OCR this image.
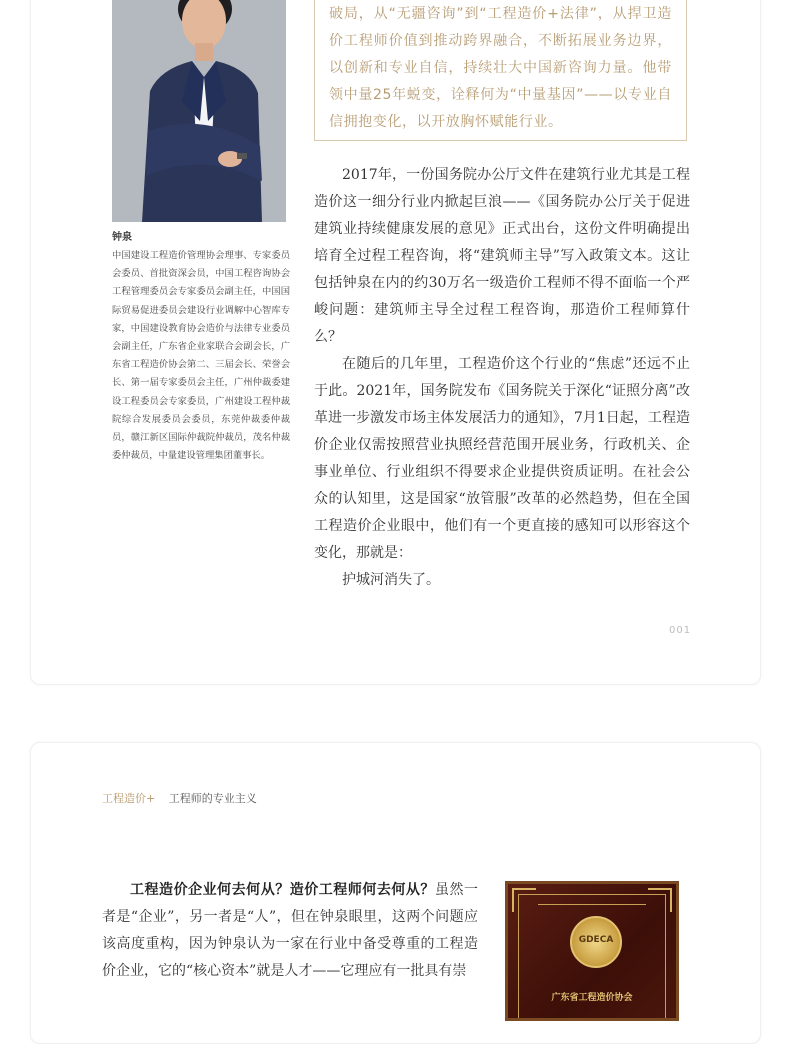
钟泉
中国建设工程造价管理协会理事、专家委员会委员、首批资深会员，中国工程咨询协会工程管理委员会专家委员会副主任，中国国际贸易促进委员会建设行业调解中心智库专家，中国建设教育协会造价与法律专业委员会副主任，广东省企业家联合会副会长，广东省工程造价协会第二、三届会长、荣誉会长、第一届专家委员会主任，广州仲裁委建设工程委员会专家委员，广州建设工程仲裁院综合发展委员会委员，东莞仲裁委仲裁员，赣江新区国际仲裁院仲裁员，茂名仲裁委仲裁员，中量建设管理集团董事长。
破局，从“无疆咨询”到“工程造价+法律”，从捍卫造价工程师价值到推动跨界融合，不断拓展业务边界，以创新和专业自信，持续壮大中国新咨询力量。他带领中量25年蜕变，诠释何为“中量基因”——以专业自信拥抱变化，以开放胸怀赋能行业。

2017年，一份国务院办公厅文件在建筑行业尤其是工程造价这一细分行业内掀起巨浪——《国务院办公厅关于促进建筑业持续健康发展的意见》正式出台，这份文件明确提出培育全过程工程咨询，将“建筑师主导”写入政策文本。这让包括钟泉在内的约30万名一级造价工程师不得不面临一个严峻问题：建筑师主导全过程工程咨询，那造价工程师算什么？

在随后的几年里，工程造价这个行业的“焦虑”还远不止于此。2021年，国务院发布《国务院关于深化“证照分离”改革进一步激发市场主体发展活力的通知》，7月1日起，工程造价企业仅需按照营业执照经营范围开展业务，行政机关、企事业单位、行业组织不得要求企业提供资质证明。在社会公众的认知里，这是国家“放管服”改革的必然趋势，但在全国工程造价企业眼中，他们有一个更直接的感知可以形容这个变化，那就是：

护城河消失了。

001
工程造价+ 工程师的专业主义

工程造价企业何去何从？造价工程师何去何从？虽然一者是“企业”，另一者是“人”，但在钟泉眼里，这两个问题应该高度重构，因为钟泉认为一家在行业中备受尊重的工程造价企业，它的“核心资本”就是人才——它理应有一批具有崇

GDECA
广东省工程造价协会
